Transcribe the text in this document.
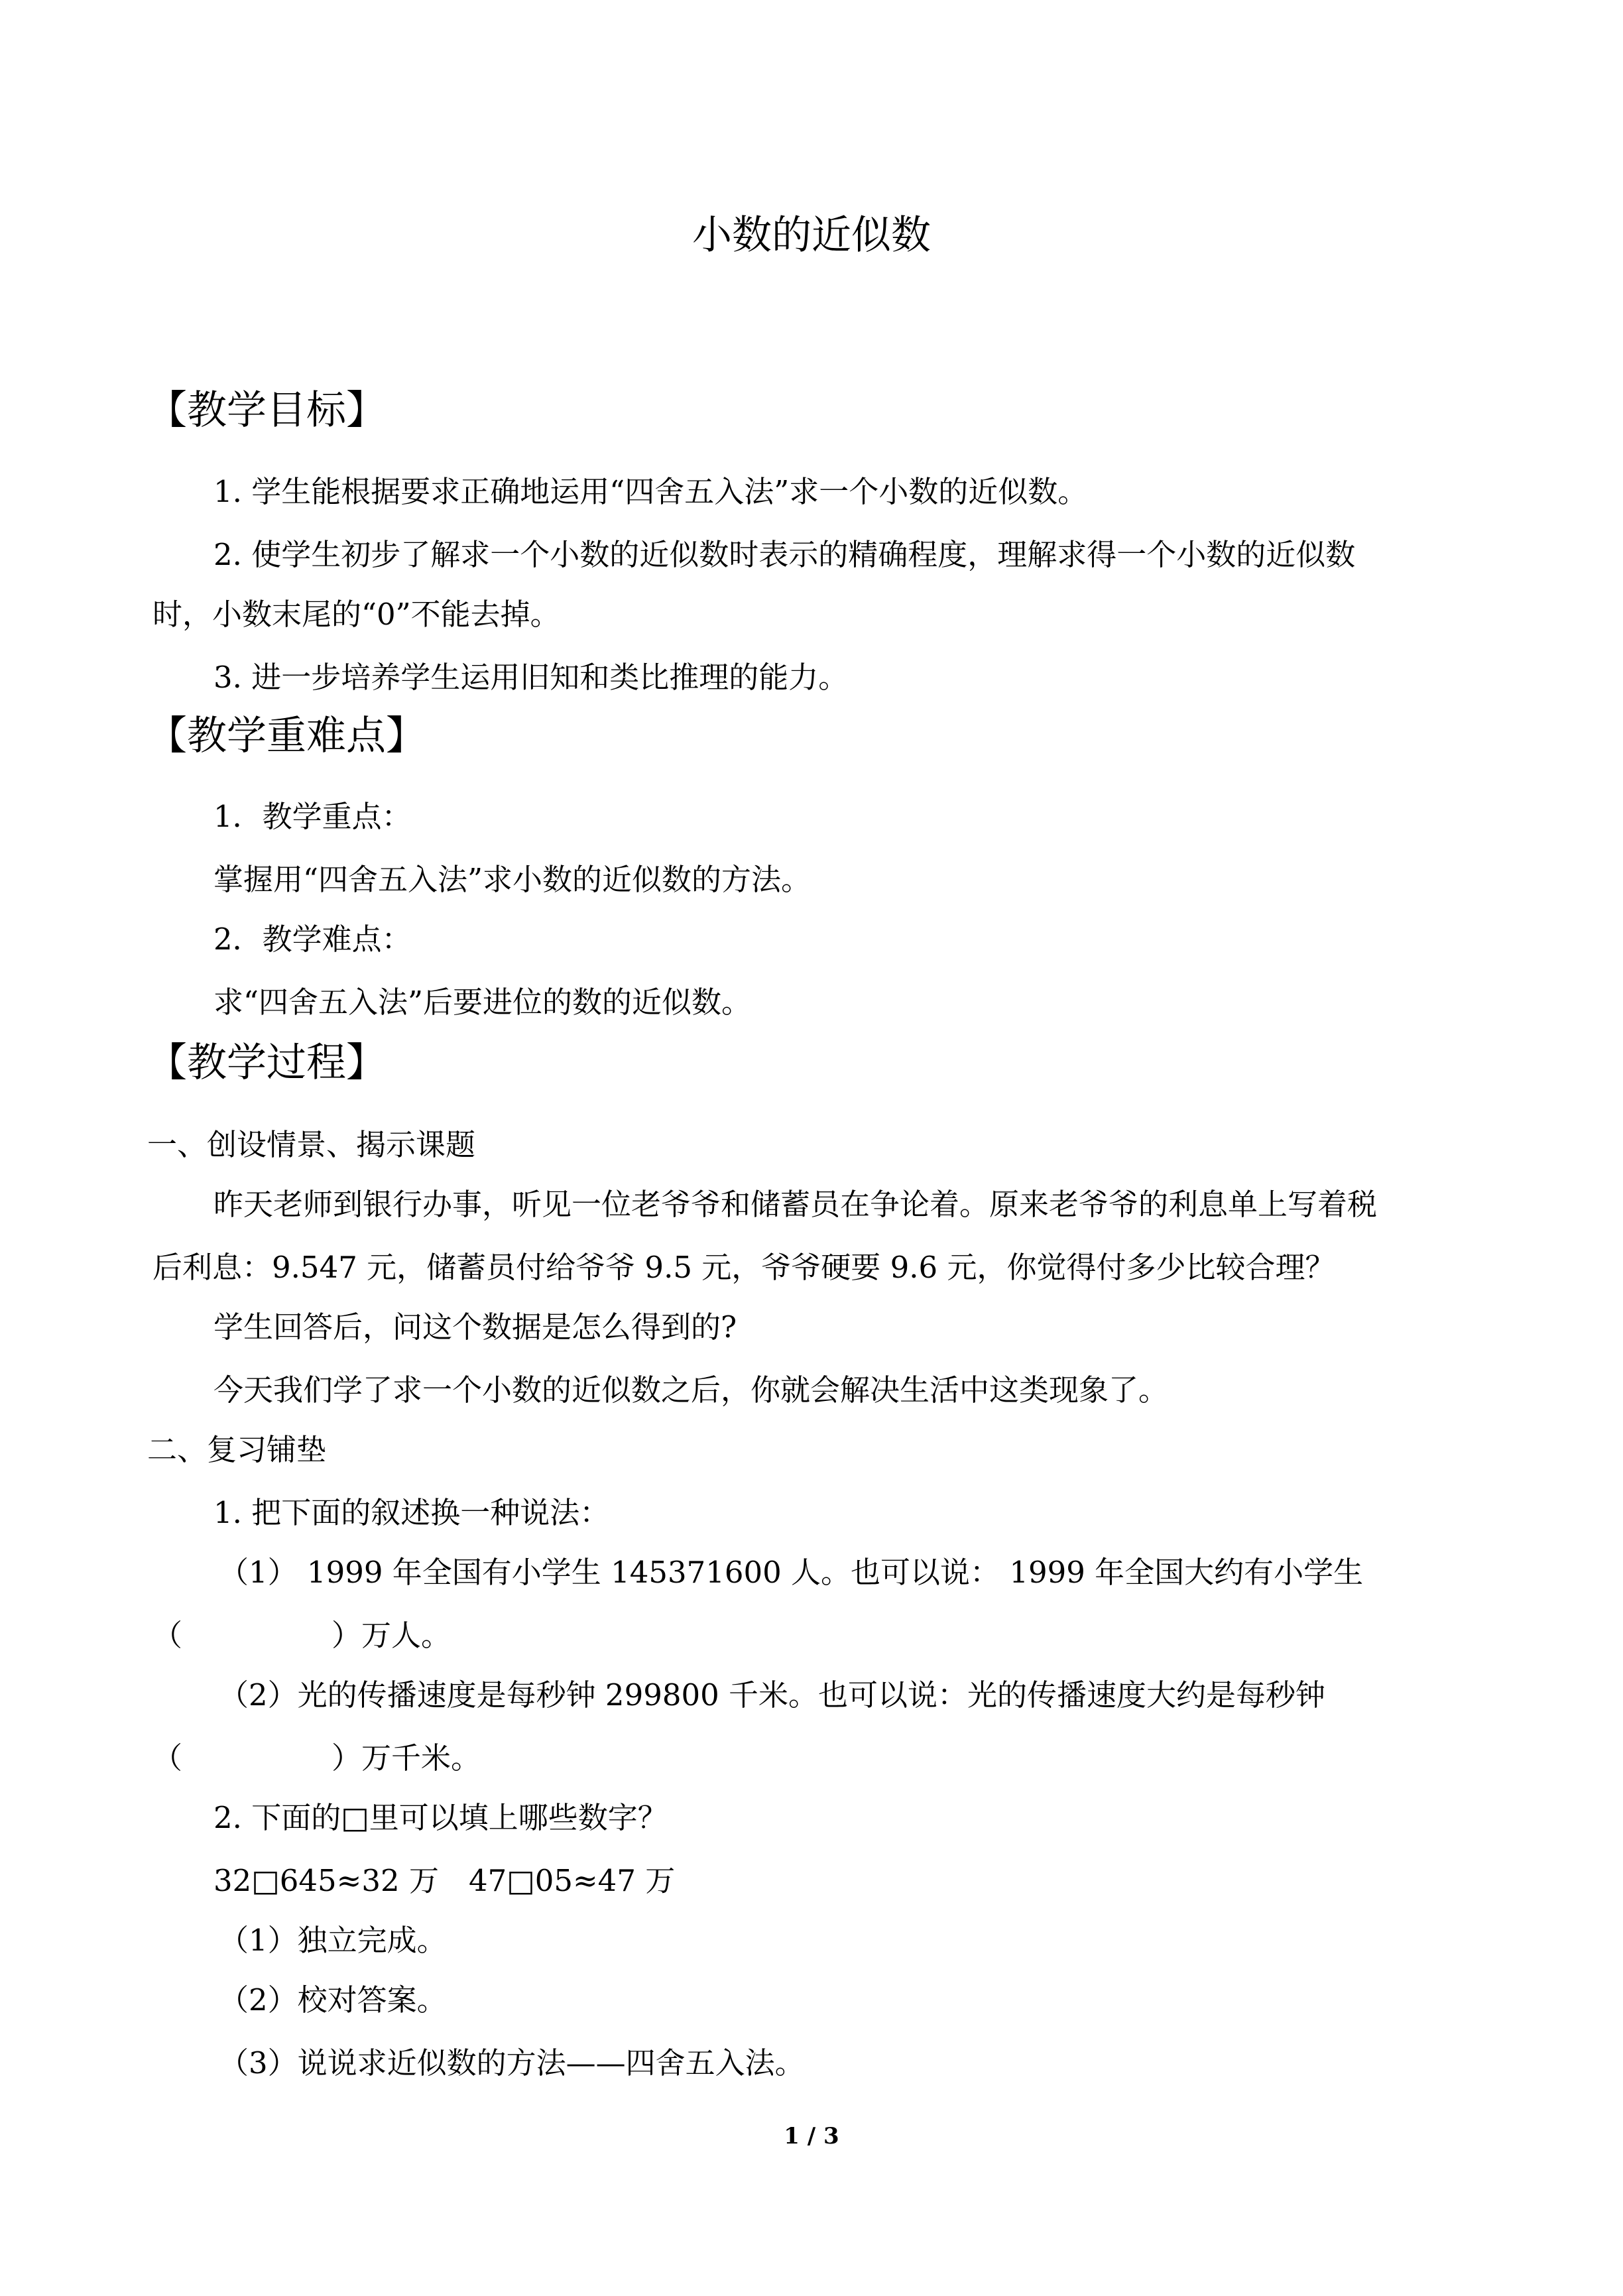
小数的近似数
【教学目标】
1. 学生能根据要求正确地运用“四舍五入法”求一个小数的近似数。
2. 使学生初步了解求一个小数的近似数时表示的精确程度，理解求得一个小数的近似数
时，小数末尾的“0”不能去掉。
3. 进一步培养学生运用旧知和类比推理的能力。
【教学重难点】
1．教学重点：
掌握用“四舍五入法”求小数的近似数的方法。
2．教学难点：
求“四舍五入法”后要进位的数的近似数。
【教学过程】
一、创设情景、揭示课题
昨天老师到银行办事，听见一位老爷爷和储蓄员在争论着。原来老爷爷的利息单上写着税
后利息：9.547 元，储蓄员付给爷爷 9.5 元，爷爷硬要 9.6 元，你觉得付多少比较合理？
学生回答后，问这个数据是怎么得到的?
今天我们学了求一个小数的近似数之后，你就会解决生活中这类现象了。
二、复习铺垫
1. 把下面的叙述换一种说法：
（1） 1999 年全国有小学生 145371600 人。也可以说： 1999 年全国大约有小学生
（　　　　　）万人。
（2）光的传播速度是每秒钟 299800 千米。也可以说：光的传播速度大约是每秒钟
（　　　　　）万千米。
2. 下面的□里可以填上哪些数字？
32□645≈32 万　47□05≈47 万
（1）独立完成。
（2）校对答案。
（3）说说求近似数的方法——四舍五入法。
1 / 3
